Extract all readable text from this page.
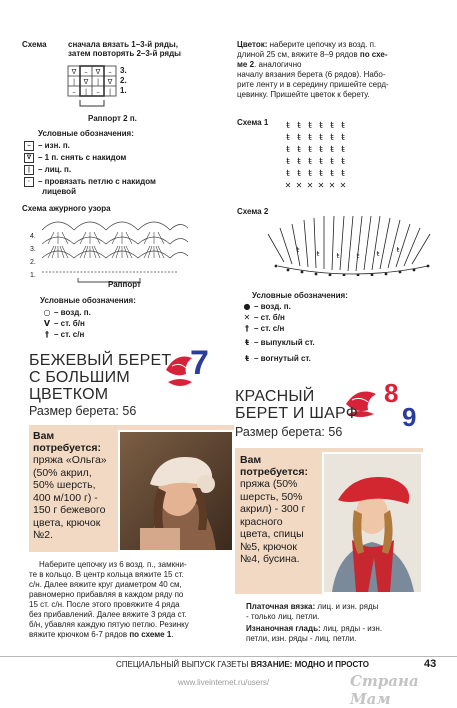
Схема	сначала вязать 1–3-й ряды,
затем повторять 2–3-й ряды
∇ – ∇ –
| ∇ | ∇
– | – |
3.
2.
1.
Раппорт 2 п.
Условные обозначения:
– – изн. п.
∇ – 1 п. снять с накидом
| – лиц. п.
· – провязать петлю с накидом
лицевой
Схема ажурного узора
4.
3.
2.
1.
Раппорт
Условные обозначения:
○ – возд. п.
V – ст. б/н
† – ст. с/н
Цветок: наберите цепочку из возд. п.
длиной 25 см, вяжите 8–9 рядов по схе-
ме 2. аналогично
началу вязания берета (6 рядов). Набо-
рите ленту и в середину пришейте серд-
цевинку. Пришейте цветок к берету.
Схема 1 ŧ ŧ ŧ ŧ ŧ ŧ
ŧ ŧ ŧ ŧ ŧ ŧ
ŧ ŧ ŧ ŧ ŧ ŧ
ŧ ŧ ŧ ŧ ŧ ŧ
ŧ ŧ ŧ ŧ ŧ ŧ
✕ ✕ ✕ ✕ ✕ ✕
Схема 2
ŧ ŧ ŧ ŧ ŧ ŧ
Условные обозначения:
● – возд. п.
✕ – ст. б/н
† – ст. с/н
ŧ – выпуклый ст.
ŧ – вогнутый ст.
БЕЖЕВЫЙ БЕРЕТ
С БОЛЬШИМ
ЦВЕТКОМ
7
Размер берета: 56
Вам
потребуется:
пряжа «Ольга»
(50% акрил,
50% шерсть,
400 м/100 г) -
150 г бежевого
цвета, крючок
№2.
Наберите цепочку из 6 возд. п., замкни-
те в кольцо. В центр кольца вяжите 15 ст.
с/н. Далее вяжите круг диаметром 40 см,
равномерно прибавляя в каждом ряду по
15 ст. с/н. После этого провяжите 4 ряда
без прибавлений. Далее вяжите 3 ряда ст.
б/н, убавляя каждую пятую петлю. Резинку
вяжите крючком 6-7 рядов по схеме 1.
8
9
КРАСНЫЙ
БЕРЕТ И ШАРФ
Размер берета: 56
Вам
потребуется:
пряжа (50%
шерсть, 50%
акрил) - 300 г
красного
цвета, спицы
№5, крючок
№4, бусина.
Платочная вязка: лиц. и изн. ряды
- только лиц. петли.
Изнаночная гладь: лиц. ряды - изн.
петли, изн. ряды - лиц. петли.
СПЕЦИАЛЬНЫЙ ВЫПУСК ГАЗЕТЫ ВЯЗАНИЕ: МОДНО И ПРОСТО	43
www.liveinternet.ru/users/	Страна Мам
